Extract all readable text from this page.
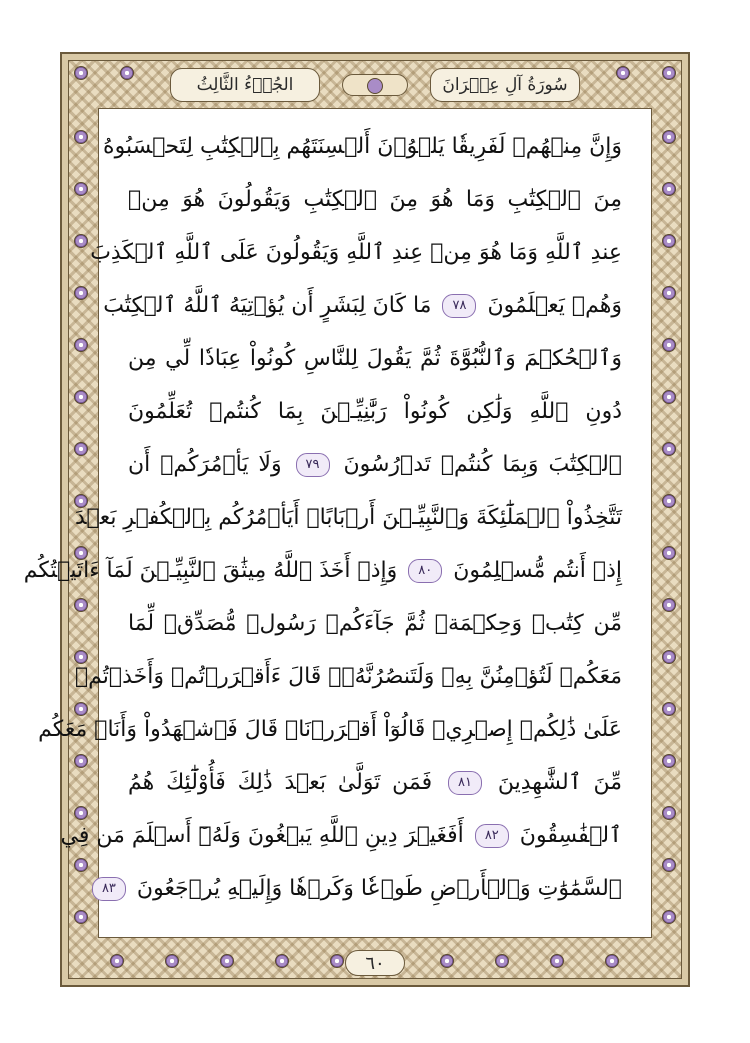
الجُزۡءُ الثَّالِثُ	سُورَةُ آلِ عِمۡرَانَ
وَإِنَّ مِنۡهُمۡ لَفَرِيقٗا يَلۡوُۥنَ أَلۡسِنَتَهُم بِٱلۡكِتَٰبِ لِتَحۡسَبُوهُ
مِنَ ٱلۡكِتَٰبِ وَمَا هُوَ مِنَ ٱلۡكِتَٰبِ وَيَقُولُونَ هُوَ مِنۡ
عِندِ ٱللَّهِ وَمَا هُوَ مِنۡ عِندِ ٱللَّهِ وَيَقُولُونَ عَلَى ٱللَّهِ ٱلۡكَذِبَ
وَهُمۡ يَعۡلَمُونَ ٧٨ مَا كَانَ لِبَشَرٍ أَن يُؤۡتِيَهُ ٱللَّهُ ٱلۡكِتَٰبَ
وَٱلۡحُكۡمَ وَٱلنُّبُوَّةَ ثُمَّ يَقُولَ لِلنَّاسِ كُونُواْ عِبَادٗا لِّي مِن
دُونِ ٱللَّهِ وَلَٰكِن كُونُواْ رَبَّٰنِيِّـۧنَ بِمَا كُنتُمۡ تُعَلِّمُونَ
ٱلۡكِتَٰبَ وَبِمَا كُنتُمۡ تَدۡرُسُونَ ٧٩ وَلَا يَأۡمُرَكُمۡ أَن
تَتَّخِذُواْ ٱلۡمَلَٰٓئِكَةَ وَٱلنَّبِيِّـۧنَ أَرۡبَابًاۗ أَيَأۡمُرُكُم بِٱلۡكُفۡرِ بَعۡدَ
إِذۡ أَنتُم مُّسۡلِمُونَ ٨٠ وَإِذۡ أَخَذَ ٱللَّهُ مِيثَٰقَ ٱلنَّبِيِّـۧنَ لَمَآ ءَاتَيۡتُكُم
مِّن كِتَٰبٖ وَحِكۡمَةٖ ثُمَّ جَآءَكُمۡ رَسُولٞ مُّصَدِّقٞ لِّمَا
مَعَكُمۡ لَتُؤۡمِنُنَّ بِهِۦ وَلَتَنصُرُنَّهُۥۚ قَالَ ءَأَقۡرَرۡتُمۡ وَأَخَذۡتُمۡ
عَلَىٰ ذَٰلِكُمۡ إِصۡرِيۖ قَالُوٓاْ أَقۡرَرۡنَاۚ قَالَ فَٱشۡهَدُواْ وَأَنَا۠ مَعَكُم
مِّنَ ٱلشَّٰهِدِينَ ٨١ فَمَن تَوَلَّىٰ بَعۡدَ ذَٰلِكَ فَأُوْلَٰٓئِكَ هُمُ
ٱلۡفَٰسِقُونَ ٨٢ أَفَغَيۡرَ دِينِ ٱللَّهِ يَبۡغُونَ وَلَهُۥٓ أَسۡلَمَ مَن فِي
ٱلسَّمَٰوَٰتِ وَٱلۡأَرۡضِ طَوۡعٗا وَكَرۡهٗا وَإِلَيۡهِ يُرۡجَعُونَ ٨٣
٦٠
